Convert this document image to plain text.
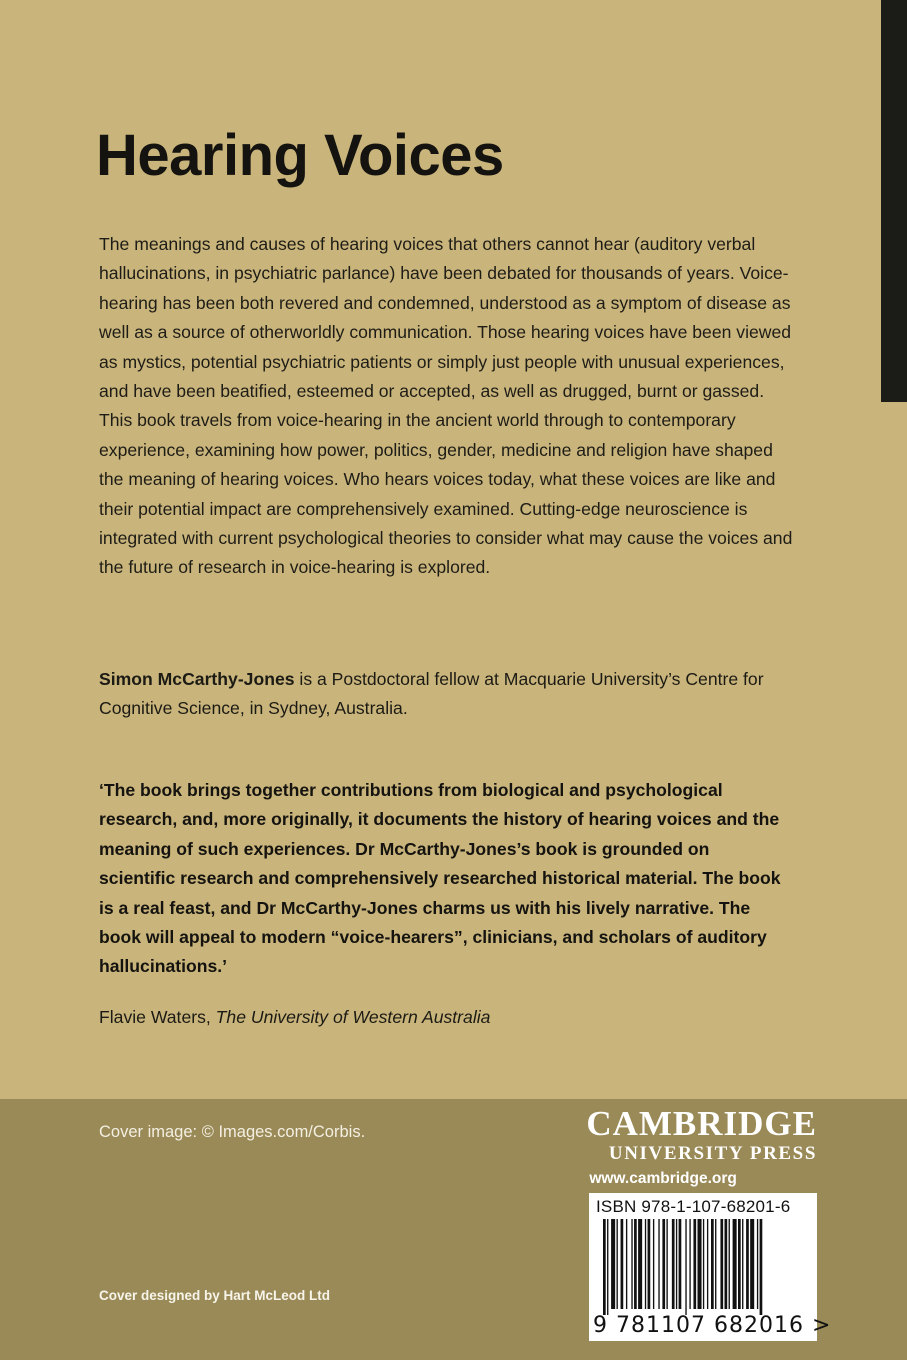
Hearing Voices

The meanings and causes of hearing voices that others cannot hear (auditory verbal hallucinations, in psychiatric parlance) have been debated for thousands of years. Voice-hearing has been both revered and condemned, understood as a symptom of disease as well as a source of otherworldly communication. Those hearing voices have been viewed as mystics, potential psychiatric patients or simply just people with unusual experiences, and have been beatified, esteemed or accepted, as well as drugged, burnt or gassed. This book travels from voice-hearing in the ancient world through to contemporary experience, examining how power, politics, gender, medicine and religion have shaped the meaning of hearing voices. Who hears voices today, what these voices are like and their potential impact are comprehensively examined. Cutting-edge neuroscience is integrated with current psychological theories to consider what may cause the voices and the future of research in voice-hearing is explored.

Simon McCarthy-Jones is a Postdoctoral fellow at Macquarie University’s Centre for Cognitive Science, in Sydney, Australia.

‘The book brings together contributions from biological and psychological research, and, more originally, it documents the history of hearing voices and the meaning of such experiences. Dr McCarthy-Jones’s book is grounded on scientific research and comprehensively researched historical material. The book is a real feast, and Dr McCarthy-Jones charms us with his lively narrative. The book will appeal to modern “voice-hearers”, clinicians, and scholars of auditory hallucinations.’

Flavie Waters, The University of Western Australia

Cover image: © Images.com/Corbis.
Cover designed by Hart McLeod Ltd
CAMBRIDGE
UNIVERSITY PRESS
www.cambridge.org
ISBN 978-1-107-68201-6
9 781107 682016 >
